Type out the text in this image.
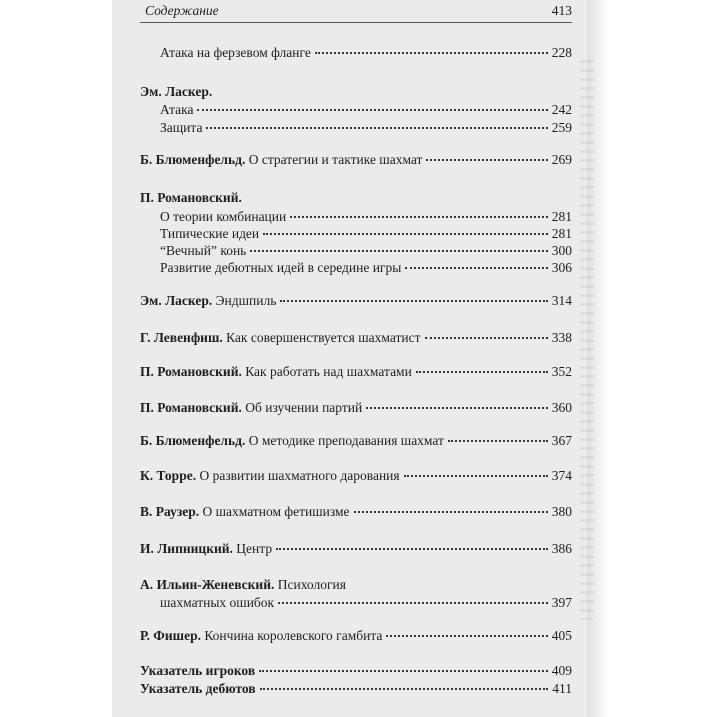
Содержание	413
Атака на ферзевом фланге	228
Эм. Ласкер.
Атака	242
Защита	259
Б. Блюменфельд. О стратегии и тактике шахмат	269
П. Романовский.
О теории комбинации	281
Типические идеи	281
“Вечный” конь	300
Развитие дебютных идей в середине игры	306
Эм. Ласкер. Эндшпиль	314
Г. Левенфиш. Как совершенствуется шахматист	338
П. Романовский. Как работать над шахматами	352
П. Романовский. Об изучении партий	360
Б. Блюменфельд. О методике преподавания шахмат	367
К. Торре. О развитии шахматного дарования	374
В. Раузер. О шахматном фетишизме	380
И. Липницкий. Центр	386
А. Ильин-Женевский. Психология
шахматных ошибок	397
Р. Фишер. Кончина королевского гамбита	405
Указатель игроков	409
Указатель дебютов	411
